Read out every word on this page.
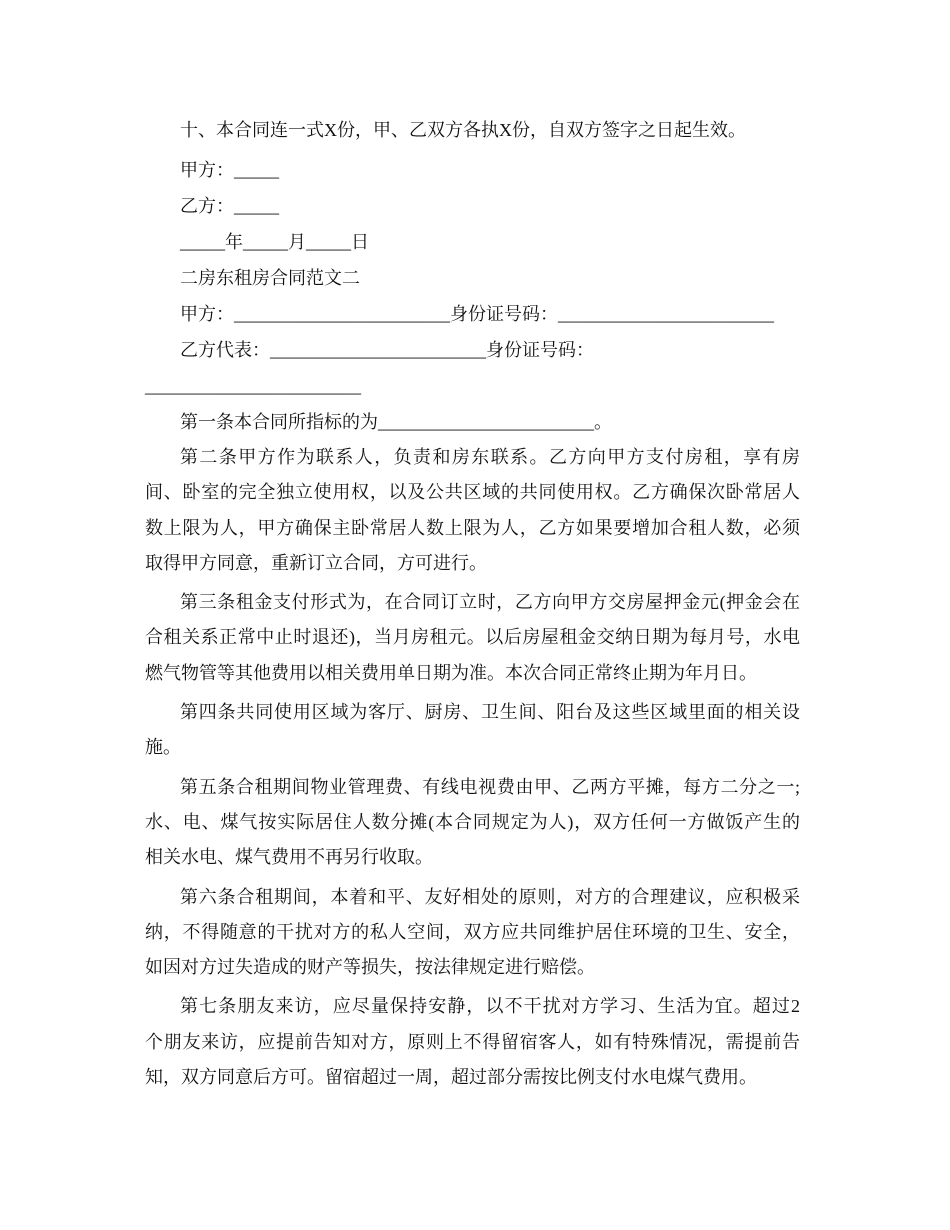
十、本合同连一式X份，甲、乙双方各执X份，自双方签字之日起生效。
甲方：_____
乙方：_____
_____年_____月_____日
二房东租房合同范文二
甲方：________________________身份证号码：________________________
乙方代表：________________________身份证号码：
________________________
第一条本合同所指标的为________________________。
第二条甲方作为联系人，负责和房东联系。乙方向甲方支付房租，享有房
间、卧室的完全独立使用权，以及公共区域的共同使用权。乙方确保次卧常居人
数上限为人，甲方确保主卧常居人数上限为人，乙方如果要增加合租人数，必须
取得甲方同意，重新订立合同，方可进行。
第三条租金支付形式为，在合同订立时，乙方向甲方交房屋押金元(押金会在
合租关系正常中止时退还)，当月房租元。以后房屋租金交纳日期为每月号，水电
燃气物管等其他费用以相关费用单日期为准。本次合同正常终止期为年月日。
第四条共同使用区域为客厅、厨房、卫生间、阳台及这些区域里面的相关设
施。
第五条合租期间物业管理费、有线电视费由甲、乙两方平摊，每方二分之一;
水、电、煤气按实际居住人数分摊(本合同规定为人)，双方任何一方做饭产生的
相关水电、煤气费用不再另行收取。
第六条合租期间，本着和平、友好相处的原则，对方的合理建议，应积极采
纳，不得随意的干扰对方的私人空间，双方应共同维护居住环境的卫生、安全，
如因对方过失造成的财产等损失，按法律规定进行赔偿。
第七条朋友来访，应尽量保持安静，以不干扰对方学习、生活为宜。超过2
个朋友来访，应提前告知对方，原则上不得留宿客人，如有特殊情况，需提前告
知，双方同意后方可。留宿超过一周，超过部分需按比例支付水电煤气费用。
